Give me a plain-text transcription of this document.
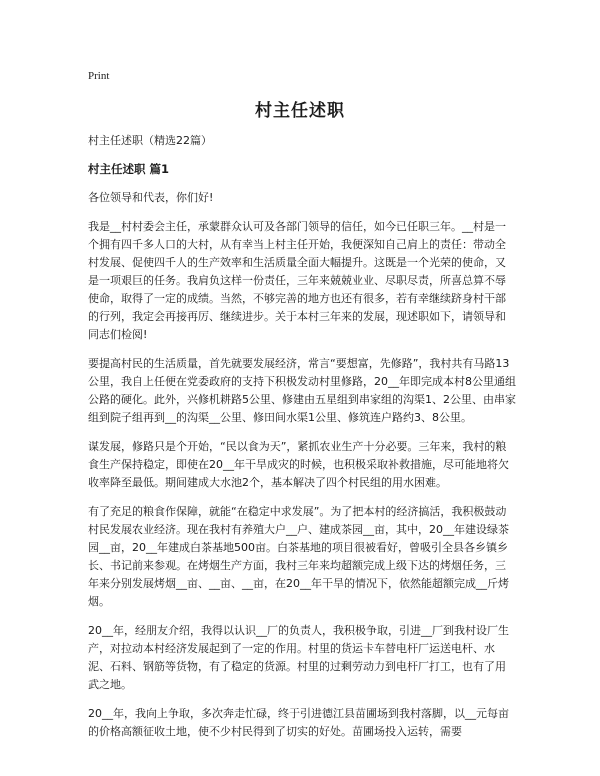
Print
村主任述职

村主任述职（精选22篇）

村主任述职 篇1

各位领导和代表，你们好!

我是__村村委会主任，承蒙群众认可及各部门领导的信任，如今已任职三年。__村是一个拥有四千多人口的大村，从有幸当上村主任开始，我便深知自己肩上的责任：带动全村发展、促使四千人的生产效率和生活质量全面大幅提升。这既是一个光荣的使命，又是一项艰巨的任务。我肩负这样一份责任，三年来兢兢业业、尽职尽责，所喜总算不辱使命，取得了一定的成绩。当然，不够完善的地方也还有很多，若有幸继续跻身村干部的行列，我定会再接再厉、继续进步。关于本村三年来的发展，现述职如下，请领导和同志们检阅!

要提高村民的生活质量，首先就要发展经济，常言“要想富，先修路”，我村共有马路13公里，我自上任便在党委政府的支持下积极发动村里修路，20__年即完成本村8公里通组公路的硬化。此外，兴修机耕路5公里、修建由五星组到串家组的沟渠1、2公里、由串家组到院子组再到__的沟渠__公里、修田间水渠1公里、修筑连户路约3、8公里。

谋发展，修路只是个开始，“民以食为天”，紧抓农业生产十分必要。三年来，我村的粮食生产保持稳定，即使在20__年干旱成灾的时候，也积极采取补救措施，尽可能地将欠收率降至最低。期间建成大水池2个，基本解决了四个村民组的用水困难。

有了充足的粮食作保障，就能“在稳定中求发展”。为了把本村的经济搞活，我积极鼓动村民发展农业经济。现在我村有养殖大户__户、建成茶园__亩，其中，20__年建设绿茶园__亩，20__年建成白茶基地500亩。白茶基地的项目很被看好，曾吸引全县各乡镇乡长、书记前来参观。在烤烟生产方面，我村三年来均超额完成上级下达的烤烟任务，三年来分别发展烤烟__亩、__亩、__亩，在20__年干旱的情况下，依然能超额完成__斤烤烟。

20__年，经朋友介绍，我得以认识__厂的负责人，我积极争取，引进__厂到我村设厂生产，对拉动本村经济发展起到了一定的作用。村里的货运卡车替电杆厂运送电杆、水泥、石料、钢筋等货物，有了稳定的货源。村里的过剩劳动力到电杆厂打工，也有了用武之地。

20__年，我向上争取，多次奔走忙碌，终于引进德江县苗圃场到我村落脚，以__元每亩的价格高额征收土地，使不少村民得到了切实的好处。苗圃场投入运转，需要
